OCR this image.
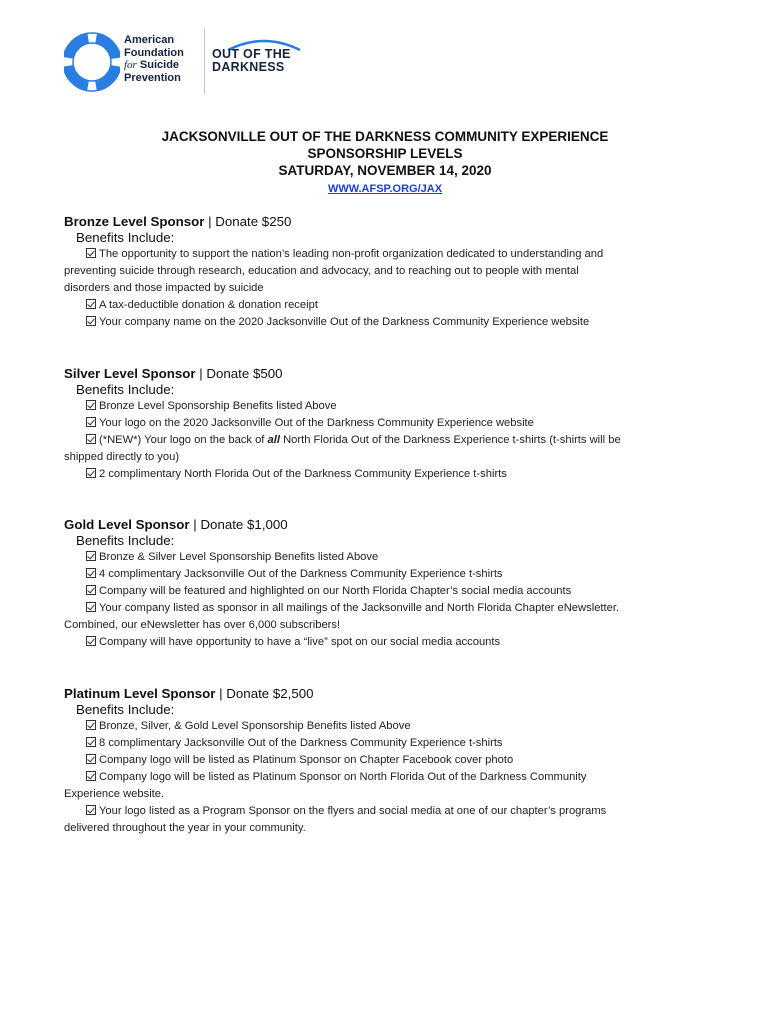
American
Foundation
for Suicide
Prevention
OUT OF THE
DARKNESS
JACKSONVILLE OUT OF THE DARKNESS COMMUNITY EXPERIENCE
SPONSORSHIP LEVELS
SATURDAY, NOVEMBER 14, 2020
WWW.AFSP.ORG/JAX
Bronze Level Sponsor | Donate $250
Benefits Include:
The opportunity to support the nation’s leading non-profit organization dedicated to understanding and
preventing suicide through research, education and advocacy, and to reaching out to people with mental
disorders and those impacted by suicide
A tax-deductible donation & donation receipt
Your company name on the 2020 Jacksonville Out of the Darkness Community Experience website
Silver Level Sponsor | Donate $500
Benefits Include:
Bronze Level Sponsorship Benefits listed Above
Your logo on the 2020 Jacksonville Out of the Darkness Community Experience website
(*NEW*) Your logo on the back of all North Florida Out of the Darkness Experience t-shirts (t-shirts will be
shipped directly to you)
2 complimentary North Florida Out of the Darkness Community Experience t-shirts
Gold Level Sponsor | Donate $1,000
Benefits Include:
Bronze & Silver Level Sponsorship Benefits listed Above
4 complimentary Jacksonville Out of the Darkness Community Experience t-shirts
Company will be featured and highlighted on our North Florida Chapter’s social media accounts
Your company listed as sponsor in all mailings of the Jacksonville and North Florida Chapter eNewsletter.
Combined, our eNewsletter has over 6,000 subscribers!
Company will have opportunity to have a “live” spot on our social media accounts
Platinum Level Sponsor | Donate $2,500
Benefits Include:
Bronze, Silver, & Gold Level Sponsorship Benefits listed Above
8 complimentary Jacksonville Out of the Darkness Community Experience t-shirts
Company logo will be listed as Platinum Sponsor on Chapter Facebook cover photo
Company logo will be listed as Platinum Sponsor on North Florida Out of the Darkness Community
Experience website.
Your logo listed as a Program Sponsor on the flyers and social media at one of our chapter’s programs
delivered throughout the year in your community.
